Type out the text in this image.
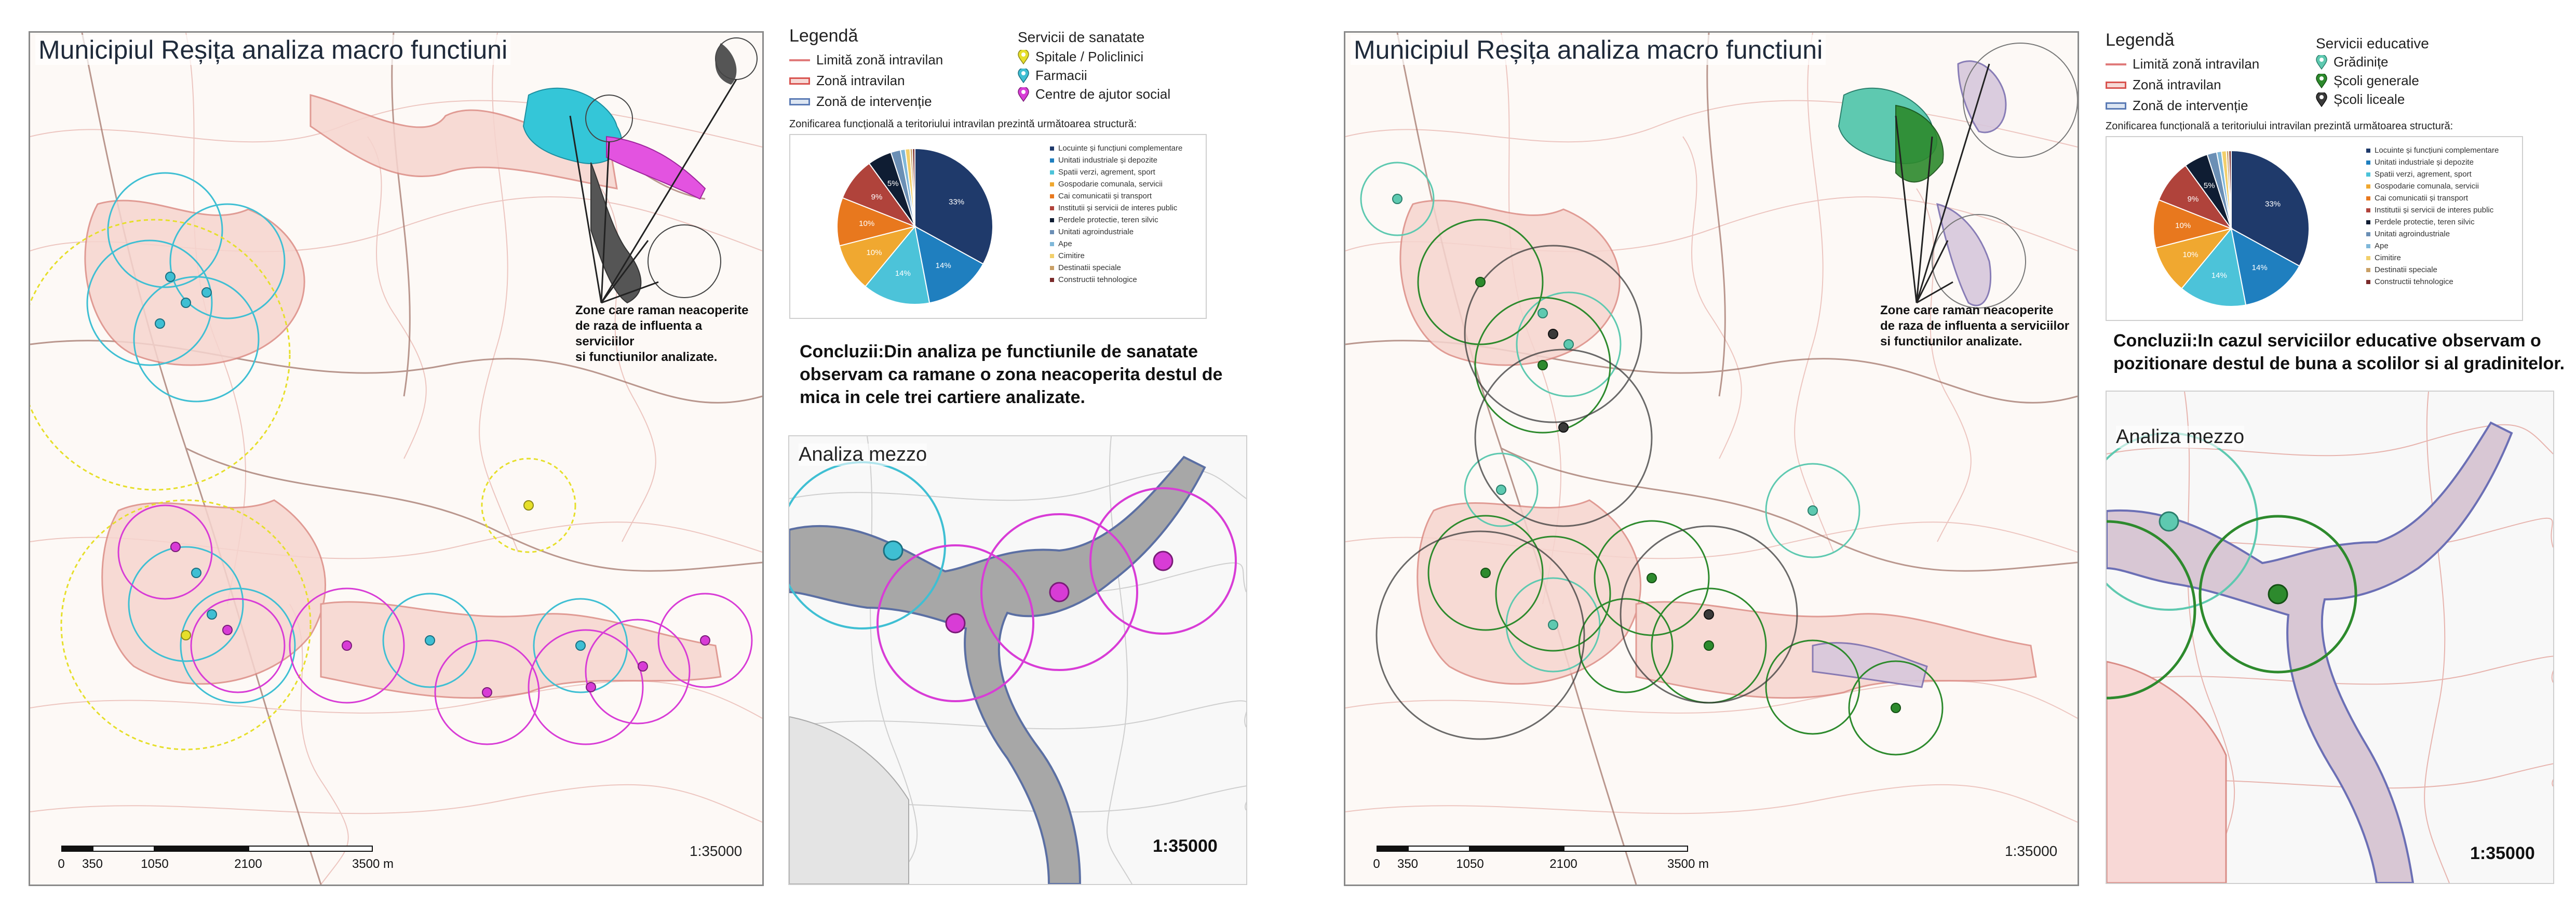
Municipiul Reșița analiza macro functiuni
Zone care raman neacoperite
de raza de influenta a serviciilor
si functiunilor analizate.
0 350	1050	2100	3500 m
1:35000
Legendă
Limită zonă intravilan
Zonă intravilan
Zonă de intervenție
Servicii de sanatate
Spitale / Policlinici
Farmacii
Centre de ajutor social
Zonificarea funcțională a teritoriului intravilan prezintă următoarea structură:
33%
14%
14%
10%
10%
9%
5%
Locuinte și funcțiuni complementare
Unitati industriale și depozite
Spatii verzi, agrement, sport
Gospodarie comunala, servicii
Cai comunicatii și transport
Institutii și servicii de interes public
Perdele protectie, teren silvic
Unitati agroindustriale
Ape
Cimitire
Destinatii speciale
Constructii tehnologice
Concluzii:Din analiza pe functiunile de sanatate
observam ca ramane o zona neacoperita destul de
mica in cele trei cartiere analizate.
Analiza mezzo
1:35000
Municipiul Reșița analiza macro functiuni
Zone care raman neacoperite
de raza de influenta a serviciilor
si functiunilor analizate.
0 350	1050	2100	3500 m
1:35000
Legendă
Limită zonă intravilan
Zonă intravilan
Zonă de intervenție
Servicii educative
Grădinițe
Școli generale
Școli liceale
Zonificarea funcțională a teritoriului intravilan prezintă următoarea structură:
33%
14%
14%
10%
10%
9%
5%
Locuinte și funcțiuni complementare
Unitati industriale și depozite
Spatii verzi, agrement, sport
Gospodarie comunala, servicii
Cai comunicatii și transport
Institutii și servicii de interes public
Perdele protectie, teren silvic
Unitati agroindustriale
Ape
Cimitire
Destinatii speciale
Constructii tehnologice
Concluzii:In cazul serviciilor educative observam o
pozitionare destul de buna a scolilor si al gradinitelor.
Analiza mezzo
1:35000
